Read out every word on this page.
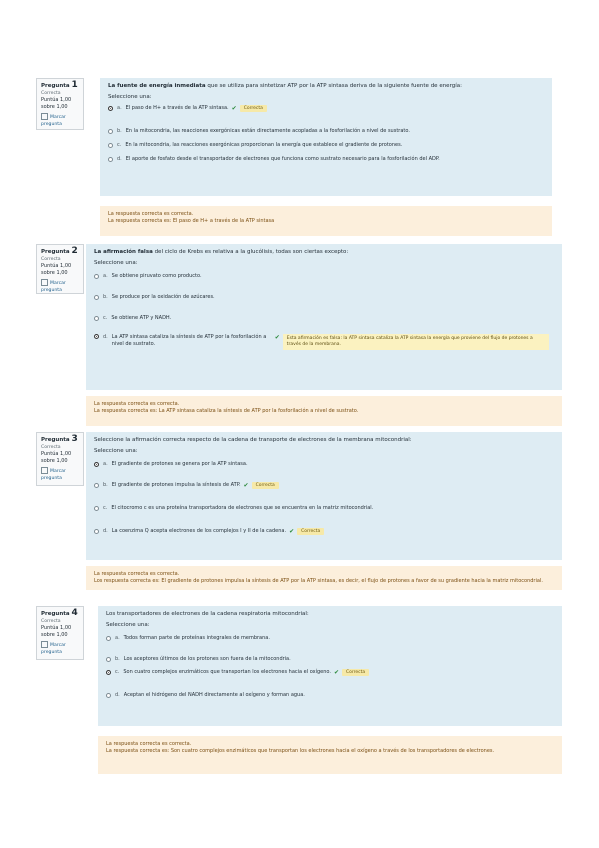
Pregunta 1
Correcta
Puntúa 1,00 sobre 1,00
Marcar pregunta
La fuente de energía inmediata que se utiliza para sintetizar ATP por la ATP sintasa deriva de la siguiente fuente de energía:
Seleccione una:
a. El paso de H+ a través de la ATP sintasa. ✔	Correcta
b. En la mitocondria, las reacciones exergónicas están directamente acopladas a la fosforilación a nivel de sustrato.
c. En la mitocondria, las reacciones exergónicas proporcionan la energía que establece el gradiente de protones.
d. El aporte de fosfato desde el transportador de electrones que funciona como sustrato necesario para la fosforilación del ADP.
La respuesta correcta es correcta.
La respuesta correcta es: El paso de H+ a través de la ATP sintasa
Pregunta 2
Correcta
Puntúa 1,00 sobre 1,00
Marcar pregunta
La afirmación falsa del ciclo de Krebs es relativa a la glucólisis, todas son ciertas excepto:
Seleccione una:
a. Se obtiene piruvato como producto.
b. Se produce por la oxidación de azúcares.
c. Se obtiene ATP y NADH.
d. La ATP sintasa cataliza la síntesis de ATP por la fosforilación a nivel de sustrato.
✔	Esta afirmación es falsa: la ATP sintasa cataliza la ATP sintasa la energía que proviene del flujo de protones a través de la membrana.
La respuesta correcta es correcta.
La respuesta correcta es: La ATP sintasa cataliza la síntesis de ATP por la fosforilación a nivel de sustrato.
Pregunta 3
Correcta
Puntúa 1,00 sobre 1,00
Marcar pregunta
Seleccione la afirmación correcta respecto de la cadena de transporte de electrones de la membrana mitocondrial:
Seleccione una:
a. El gradiente de protones se genera por la ATP sintasa.
b. El gradiente de protones impulsa la síntesis de ATP. ✔	Correcta
c. El citocromo c es una proteína transportadora de electrones que se encuentra en la matriz mitocondrial.
d. La coenzima Q acepta electrones de los complejos I y II de la cadena. ✔	Correcta
La respuesta correcta es correcta.
Los respuesta correcta es: El gradiente de protones impulsa la síntesis de ATP por la ATP sintasa, es decir, el flujo de protones a favor de su gradiente hacia la matriz mitocondrial.
Pregunta 4
Correcta
Puntúa 1,00 sobre 1,00
Marcar pregunta
Los transportadores de electrones de la cadena respiratoria mitocondrial:
Seleccione una:
a. Todos forman parte de proteínas integrales de membrana.
b. Los aceptores últimos de los protones son fuera de la mitocondria.
c. Son cuatro complejos enzimáticos que transportan los electrones hacia el oxígeno. ✔	Correcta
d. Aceptan el hidrógeno del NADH directamente al oxígeno y forman agua.
La respuesta correcta es correcta.
La respuesta correcta es: Son cuatro complejos enzimáticos que transportan los electrones hacia el oxígeno a través de los transportadores de electrones.
